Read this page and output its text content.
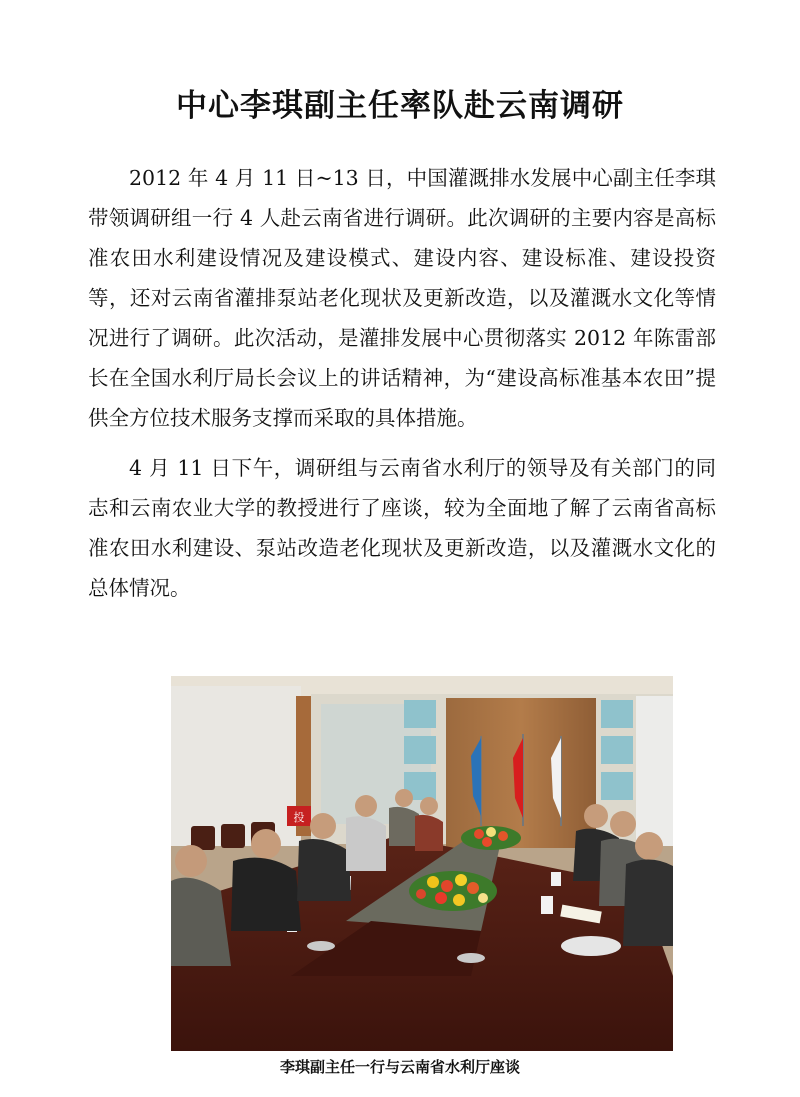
中心李琪副主任率队赴云南调研

2012 年 4 月 11 日~13 日，中国灌溉排水发展中心副主任李琪带领调研组一行 4 人赴云南省进行调研。此次调研的主要内容是高标准农田水利建设情况及建设模式、建设内容、建设标准、建设投资等，还对云南省灌排泵站老化现状及更新改造，以及灌溉水文化等情况进行了调研。此次活动，是灌排发展中心贯彻落实 2012 年陈雷部长在全国水利厅局长会议上的讲话精神，为“建设高标准基本农田”提供全方位技术服务支撑而采取的具体措施。

4 月 11 日下午，调研组与云南省水利厅的领导及有关部门的同志和云南农业大学的教授进行了座谈，较为全面地了解了云南省高标准农田水利建设、泵站改造老化现状及更新改造，以及灌溉水文化的总体情况。

投
李琪副主任一行与云南省水利厅座谈
